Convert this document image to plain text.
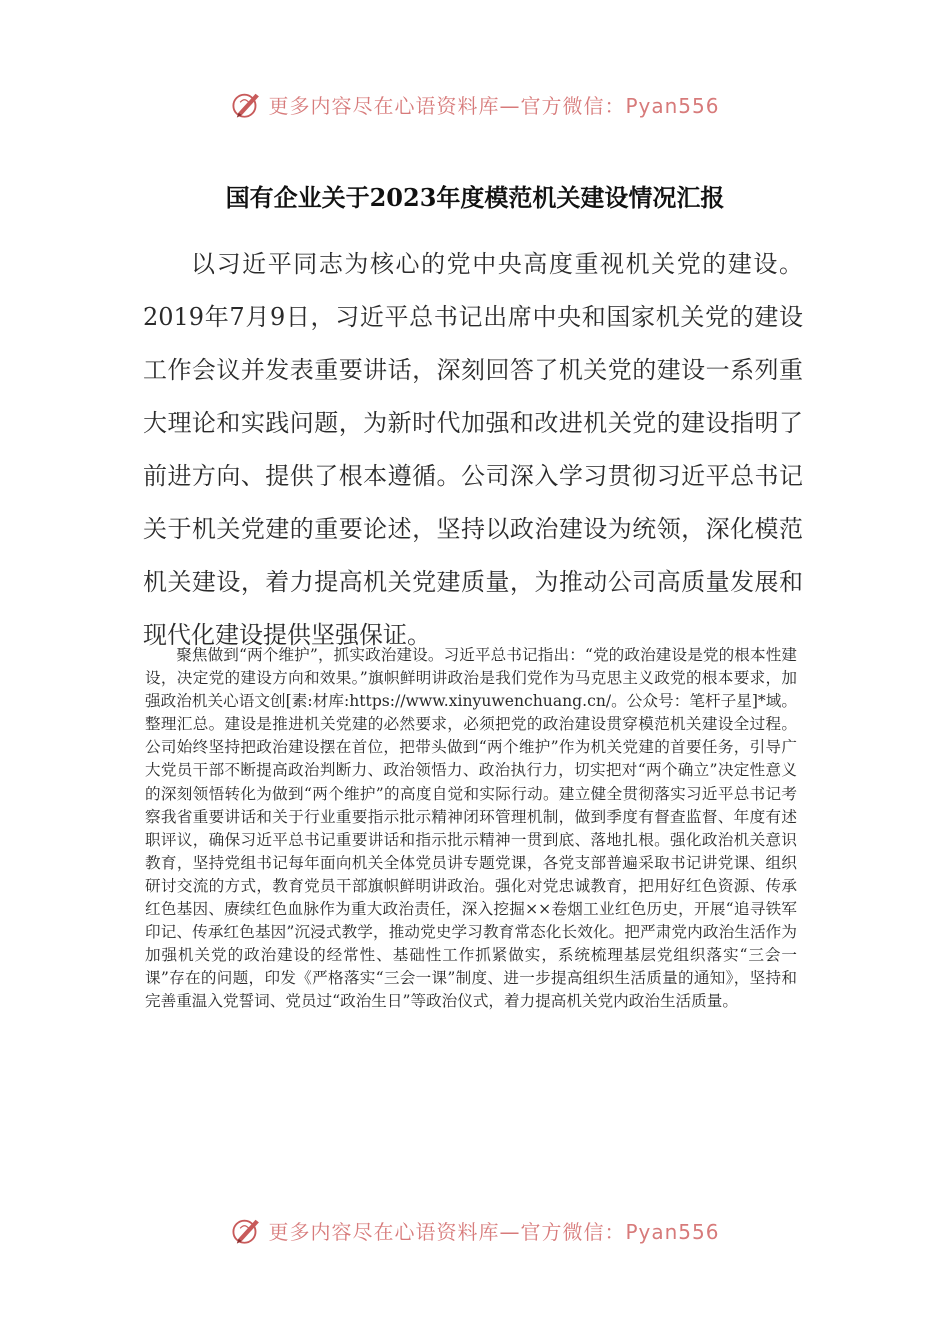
更多内容尽在心语资料库—官方微信：Pyan556
国有企业关于2023年度模范机关建设情况汇报

以习近平同志为核心的党中央高度重视机关党的建设。2019年7月9日，习近平总书记出席中央和国家机关党的建设工作会议并发表重要讲话，深刻回答了机关党的建设一系列重大理论和实践问题，为新时代加强和改进机关党的建设指明了前进方向、提供了根本遵循。公司深入学习贯彻习近平总书记关于机关党建的重要论述，坚持以政治建设为统领，深化模范机关建设，着力提高机关党建质量，为推动公司高质量发展和现代化建设提供坚强保证。

聚焦做到“两个维护”，抓实政治建设。习近平总书记指出：“党的政治建设是党的根本性建设，决定党的建设方向和效果。”旗帜鲜明讲政治是我们党作为马克思主义政党的根本要求，加强政治机关心语文创[素:材库:https://www.xinyuwenchuang.cn/。公众号：笔杆子星]*域。整理汇总。建设是推进机关党建的必然要求，必须把党的政治建设贯穿模范机关建设全过程。公司始终坚持把政治建设摆在首位，把带头做到“两个维护”作为机关党建的首要任务，引导广大党员干部不断提高政治判断力、政治领悟力、政治执行力，切实把对“两个确立”决定性意义的深刻领悟转化为做到“两个维护”的高度自觉和实际行动。建立健全贯彻落实习近平总书记考察我省重要讲话和关于行业重要指示批示精神闭环管理机制，做到季度有督查监督、年度有述职评议，确保习近平总书记重要讲话和指示批示精神一贯到底、落地扎根。强化政治机关意识教育，坚持党组书记每年面向机关全体党员讲专题党课，各党支部普遍采取书记讲党课、组织研讨交流的方式，教育党员干部旗帜鲜明讲政治。强化对党忠诚教育，把用好红色资源、传承红色基因、赓续红色血脉作为重大政治责任，深入挖掘××卷烟工业红色历史，开展“追寻铁军印记、传承红色基因”沉浸式教学，推动党史学习教育常态化长效化。把严肃党内政治生活作为加强机关党的政治建设的经常性、基础性工作抓紧做实，系统梳理基层党组织落实“三会一课”存在的问题，印发《严格落实“三会一课”制度、进一步提高组织生活质量的通知》，坚持和完善重温入党誓词、党员过“政治生日”等政治仪式，着力提高机关党内政治生活质量。

更多内容尽在心语资料库—官方微信：Pyan556
